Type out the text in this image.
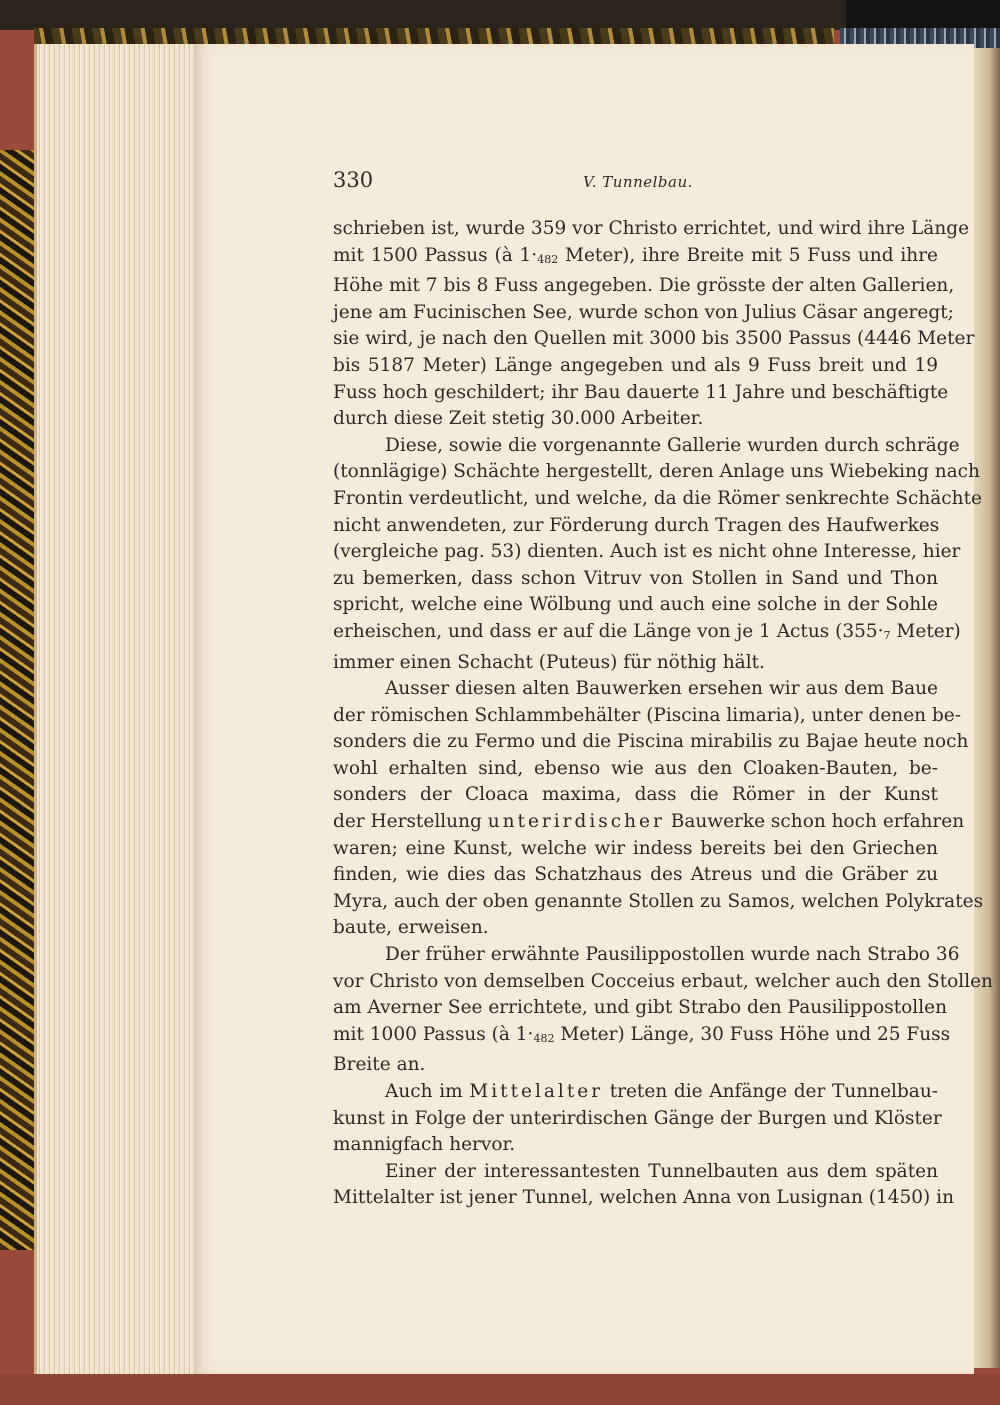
330	V. Tunnelbau.
schrieben ist, wurde 359 vor Christo errichtet, und wird ihre Länge
mit 1500 Passus (à $1\cdot_{482}$ Meter), ihre Breite mit 5 Fuss und ihre
Höhe mit 7 bis 8 Fuss angegeben. Die grösste der alten Gallerien,
jene am Fucinischen See, wurde schon von Julius Cäsar angeregt;
sie wird, je nach den Quellen mit 3000 bis 3500 Passus (4446 Meter
bis 5187 Meter) Länge angegeben und als 9 Fuss breit und 19
Fuss hoch geschildert; ihr Bau dauerte 11 Jahre und beschäftigte
durch diese Zeit stetig 30.000 Arbeiter.
Diese, sowie die vorgenannte Gallerie wurden durch schräge
(tonnlägige) Schächte hergestellt, deren Anlage uns Wiebeking nach
Frontin verdeutlicht, und welche, da die Römer senkrechte Schächte
nicht anwendeten, zur Förderung durch Tragen des Haufwerkes
(vergleiche pag. 53) dienten. Auch ist es nicht ohne Interesse, hier
zu bemerken, dass schon Vitruv von Stollen in Sand und Thon
spricht, welche eine Wölbung und auch eine solche in der Sohle
erheischen, und dass er auf die Länge von je 1 Actus ($355\cdot_7$ Meter)
immer einen Schacht (Puteus) für nöthig hält.
Ausser diesen alten Bauwerken ersehen wir aus dem Baue
der römischen Schlammbehälter (Piscina limaria), unter denen be-
sonders die zu Fermo und die Piscina mirabilis zu Bajae heute noch
wohl erhalten sind, ebenso wie aus den Cloaken-Bauten, be-
sonders der Cloaca maxima, dass die Römer in der Kunst
der Herstellung unterirdischer Bauwerke schon hoch erfahren
waren; eine Kunst, welche wir indess bereits bei den Griechen
finden, wie dies das Schatzhaus des Atreus und die Gräber zu
Myra, auch der oben genannte Stollen zu Samos, welchen Polykrates
baute, erweisen.
Der früher erwähnte Pausilippostollen wurde nach Strabo 36
vor Christo von demselben Cocceius erbaut, welcher auch den Stollen
am Averner See errichtete, und gibt Strabo den Pausilippostollen
mit 1000 Passus (à $1\cdot_{482}$ Meter) Länge, 30 Fuss Höhe und 25 Fuss
Breite an.
Auch im Mittelalter treten die Anfänge der Tunnelbau-
kunst in Folge der unterirdischen Gänge der Burgen und Klöster
mannigfach hervor.
Einer der interessantesten Tunnelbauten aus dem späten
Mittelalter ist jener Tunnel, welchen Anna von Lusignan (1450) in
